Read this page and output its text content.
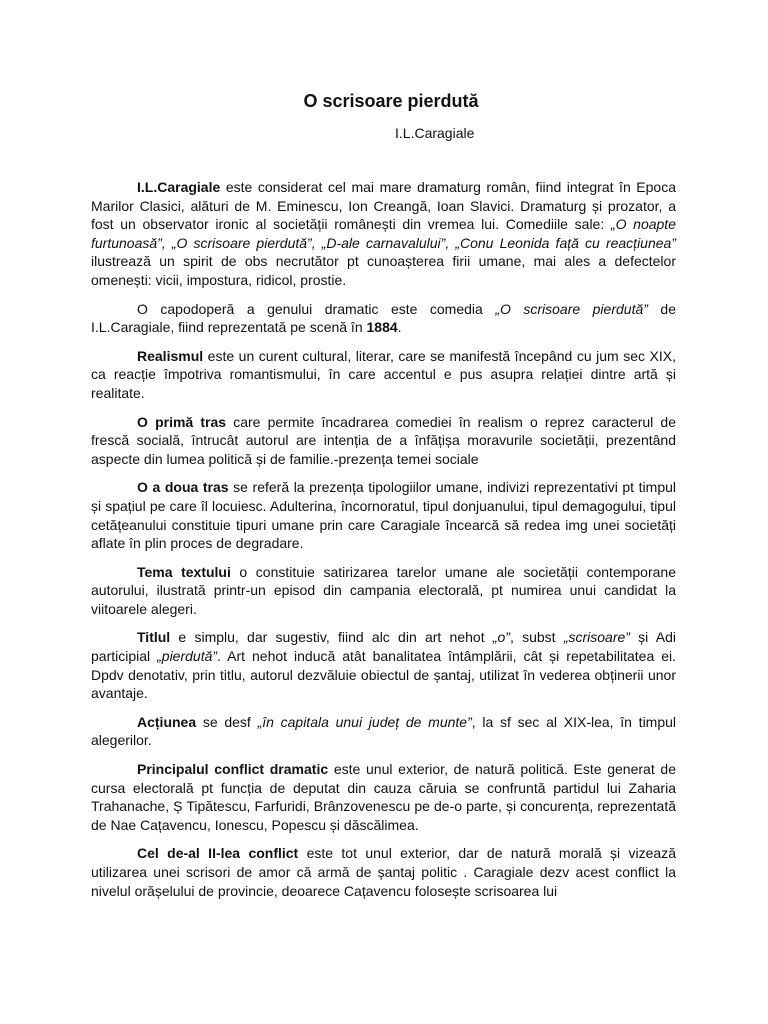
O scrisoare pierdută
I.L.Caragiale

I.L.Caragiale este considerat cel mai mare dramaturg român, fiind integrat în Epoca Marilor Clasici, alături de M. Eminescu, Ion Creangă, Ioan Slavici. Dramaturg și prozator, a fost un observator ironic al societății românești din vremea lui. Comediile sale: „O noapte furtunoasă”, „O scrisoare pierdută”, „D-ale carnavalului”, „Conu Leonida față cu reacțiunea” ilustrează un spirit de obs necrutător pt cunoașterea firii umane, mai ales a defectelor omenești: vicii, impostura, ridicol, prostie.

O capodoperă a genului dramatic este comedia „O scrisoare pierdută” de I.L.Caragiale, fiind reprezentată pe scenă în 1884.

Realismul este un curent cultural, literar, care se manifestă începând cu jum sec XIX, ca reacție împotriva romantismului, în care accentul e pus asupra relației dintre artă și realitate.

O primă tras care permite încadrarea comediei în realism o reprez caracterul de frescă socială, întrucât autorul are intenția de a înfățișa moravurile societății, prezentând aspecte din lumea politică și de familie.-prezența temei sociale

O a doua tras se referă la prezența tipologiilor umane, indivizi reprezentativi pt timpul și spațiul pe care îl locuiesc. Adulterina, încornoratul, tipul donjuanului, tipul demagogului, tipul cetățeanului constituie tipuri umane prin care Caragiale încearcă să redea img unei societăți aflate în plin proces de degradare.

Tema textului o constituie satirizarea tarelor umane ale societății contemporane autorului, ilustrată printr-un episod din campania electorală, pt numirea unui candidat la viitoarele alegeri.

Titlul e simplu, dar sugestiv, fiind alc din art nehot „o”, subst „scrisoare” și Adi participial „pierdută”. Art nehot inducă atât banalitatea întâmplării, cât și repetabilitatea ei. Dpdv denotativ, prin titlu, autorul dezvăluie obiectul de șantaj, utilizat în vederea obținerii unor avantaje.

Acțiunea se desf „în capitala unui județ de munte”, la sf sec al XIX-lea, în timpul alegerilor.

Principalul conflict dramatic este unul exterior, de natură politică. Este generat de cursa electorală pt funcția de deputat din cauza căruia se confruntă partidul lui Zaharia Trahanache, Ș Tipătescu, Farfuridi, Brânzovenescu pe de-o parte, și concurența, reprezentată de Nae Cațavencu, Ionescu, Popescu și dăscălimea.

Cel de-al II-lea conflict este tot unul exterior, dar de natură morală și vizează utilizarea unei scrisori de amor că armă de șantaj politic . Caragiale dezv acest conflict la nivelul orășelului de provincie, deoarece Cațavencu folosește scrisoarea lui
